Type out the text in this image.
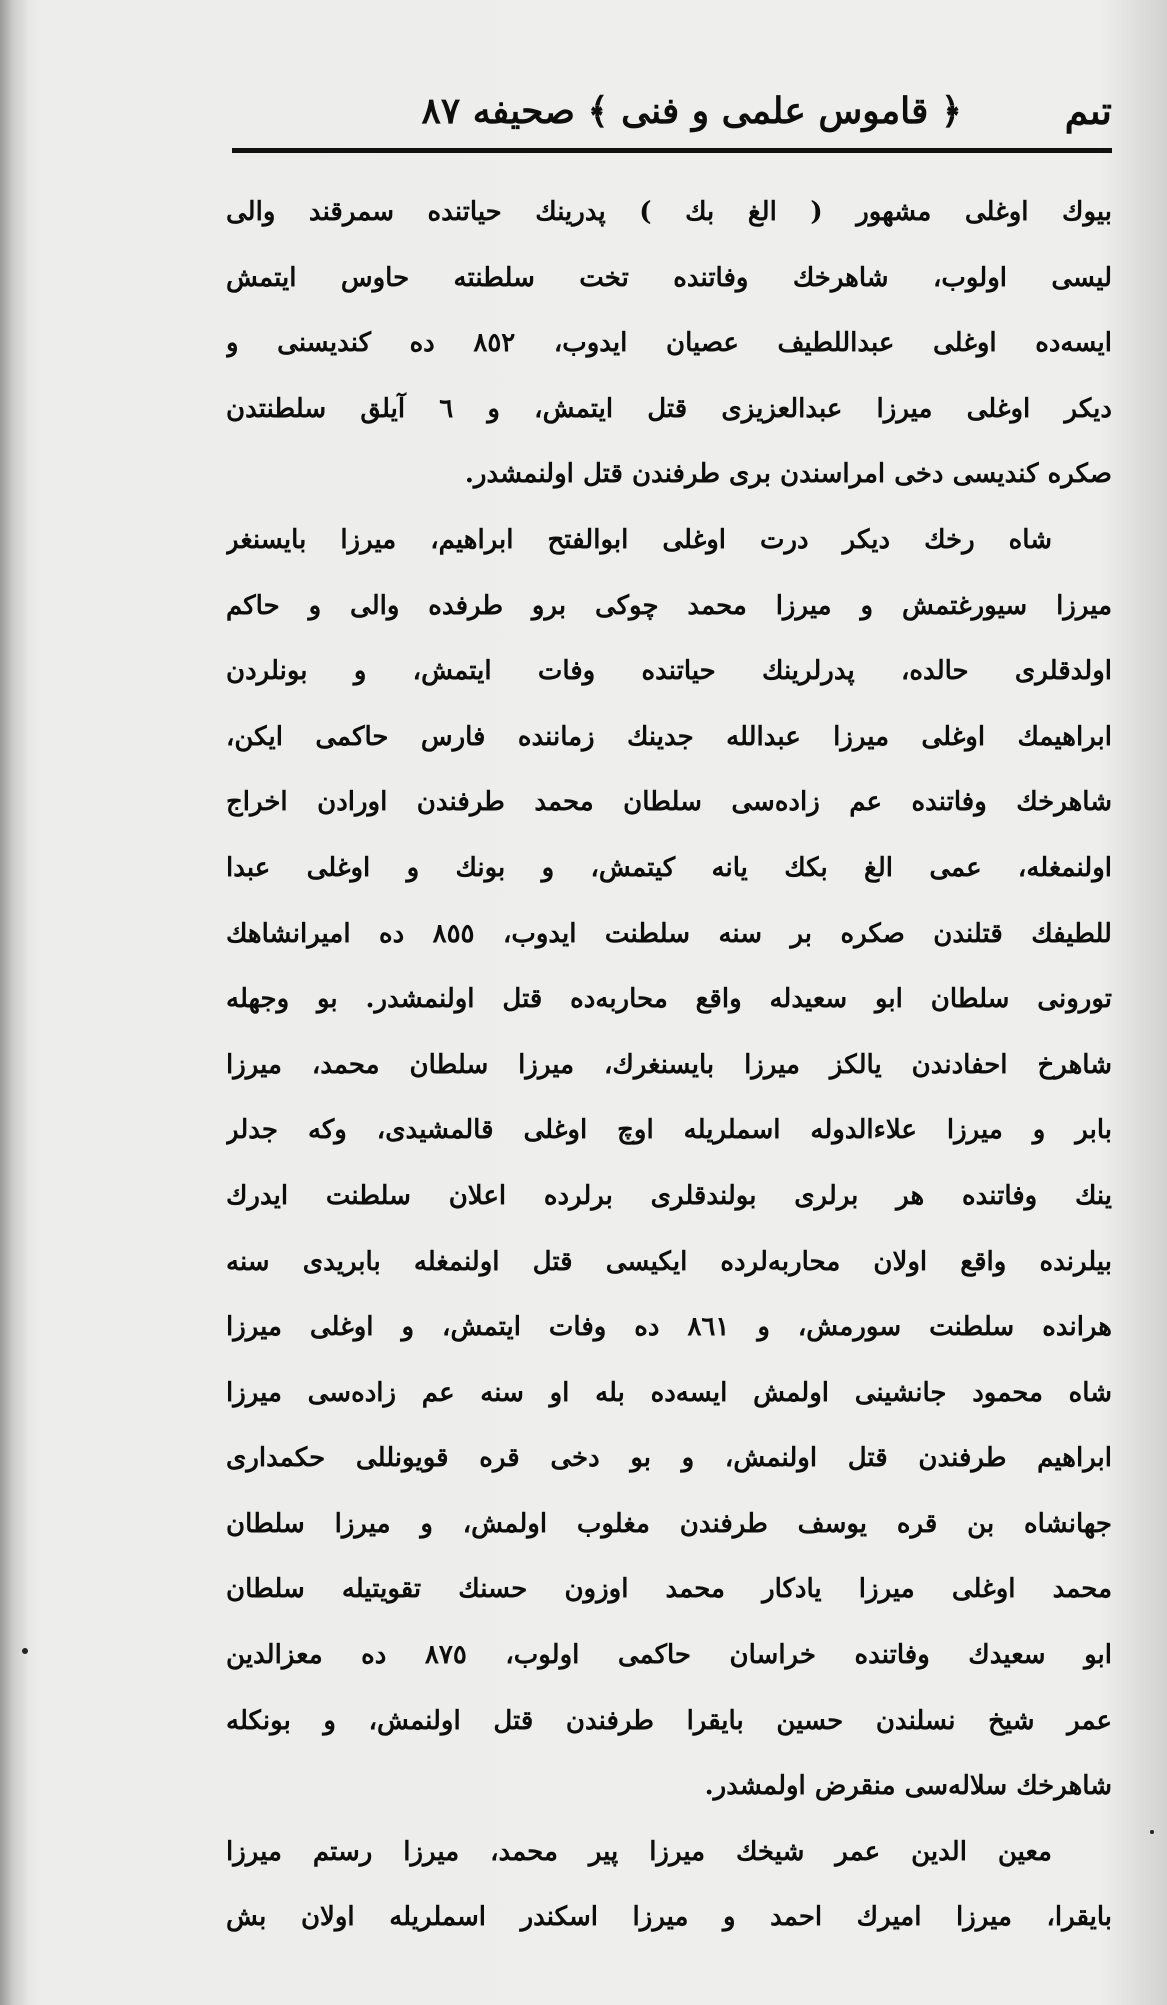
تىم
﴿ قاموس علمى و فنى ﴾ صحيفه ٨٧
بيوك اوغلى مشهور ( الغ بك ) پدرينك حياتنده سمرقند والى
ليسى اولوب، شاهرخك وفاتنده تخت سلطنته حاوس ايتمش
ايسه‌ده اوغلى عبداللطيف عصيان ايدوب، ٨٥٢ ده كنديسنى و
ديكر اوغلى ميرزا عبدالعزيزى قتل ايتمش، و ٦ آيلق سلطنتدن
صكره كنديسى دخى امراسندن برى طرفندن قتل اولنمشدر.
شاه رخك ديكر درت اوغلى ابوالفتح ابراهيم، ميرزا بايسنغر
ميرزا سيورغتمش و ميرزا محمد چوكى برو طرفده والى و حاكم
اولدقلرى حالده، پدرلرينك حياتنده وفات ايتمش، و بونلردن
ابراهيمك اوغلى ميرزا عبدالله جدينك زماننده فارس حاكمى ايكن،
شاهرخك وفاتنده عم زاده‌سى سلطان محمد طرفندن اورادن اخراج
اولنمغله، عمى الغ بكك يانه كيتمش، و بونك و اوغلى عبدا
للطيفك قتلندن صكره بر سنه سلطنت ايدوب، ٨٥٥ ده اميرانشاهك
تورونى سلطان ابو سعيدله واقع محاربه‌ده قتل اولنمشدر. بو وجهله
شاهرخ احفادندن يالكز ميرزا بايسنغرك، ميرزا سلطان محمد، ميرزا
بابر و ميرزا علاءالدوله اسملريله اوچ اوغلى قالمشيدى، وكه جدلر
ينك وفاتنده هر برلرى بولندقلرى برلرده اعلان سلطنت ايدرك
بيلرنده واقع اولان محاربه‌لرده ايكيسى قتل اولنمغله بابريدى سنه
هرانده سلطنت سورمش، و ٨٦١ ده وفات ايتمش، و اوغلى ميرزا
شاه محمود جانشينى اولمش ايسه‌ده بله او سنه عم زاده‌سى ميرزا
ابراهيم طرفندن قتل اولنمش، و بو دخى قره قويونللى حكمدارى
جهانشاه بن قره يوسف طرفندن مغلوب اولمش، و ميرزا سلطان
محمد اوغلى ميرزا يادكار محمد اوزون حسنك تقويتيله سلطان
ابو سعيدك وفاتنده خراسان حاكمى اولوب، ٨٧٥ ده معزالدين
عمر شيخ نسلندن حسين بايقرا طرفندن قتل اولنمش، و بونكله
شاهرخك سلاله‌سى منقرض اولمشدر.
معين الدين عمر شيخك ميرزا پير محمد، ميرزا رستم ميرزا
بايقرا، ميرزا اميرك احمد و ميرزا اسكندر اسملريله اولان بش
